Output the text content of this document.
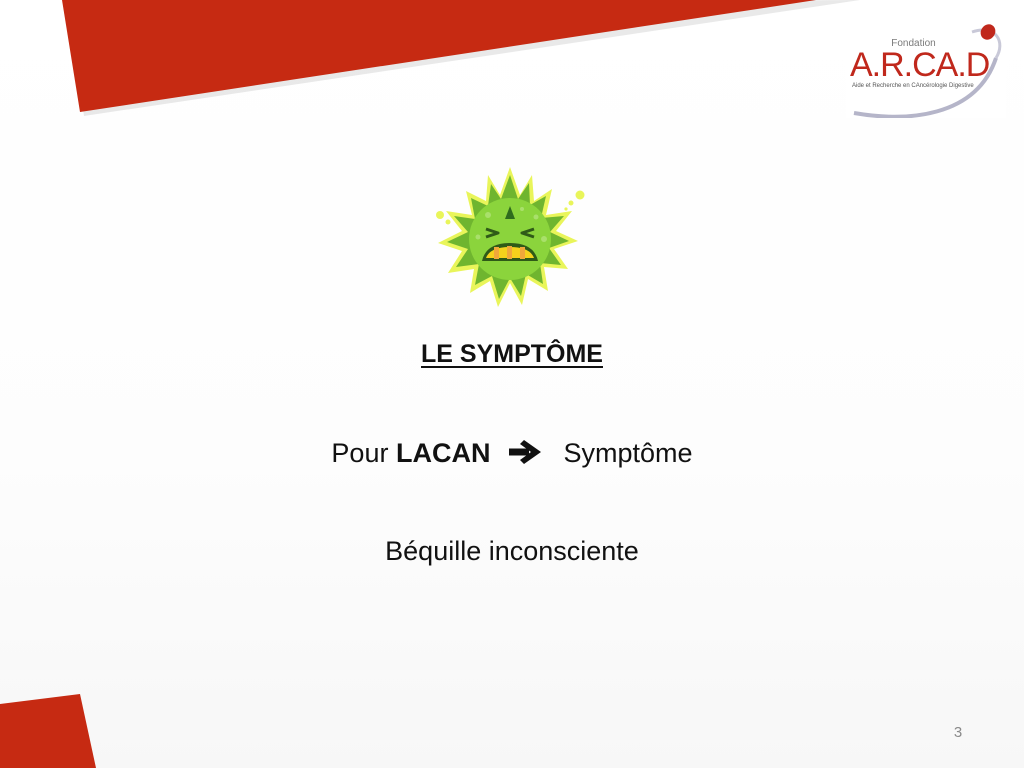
Fondation
A.R.CA.D
Aide et Recherche en CAncérologie Digestive
LE SYMPTÔME
Pour LACAN	Symptôme
Béquille inconsciente
3
